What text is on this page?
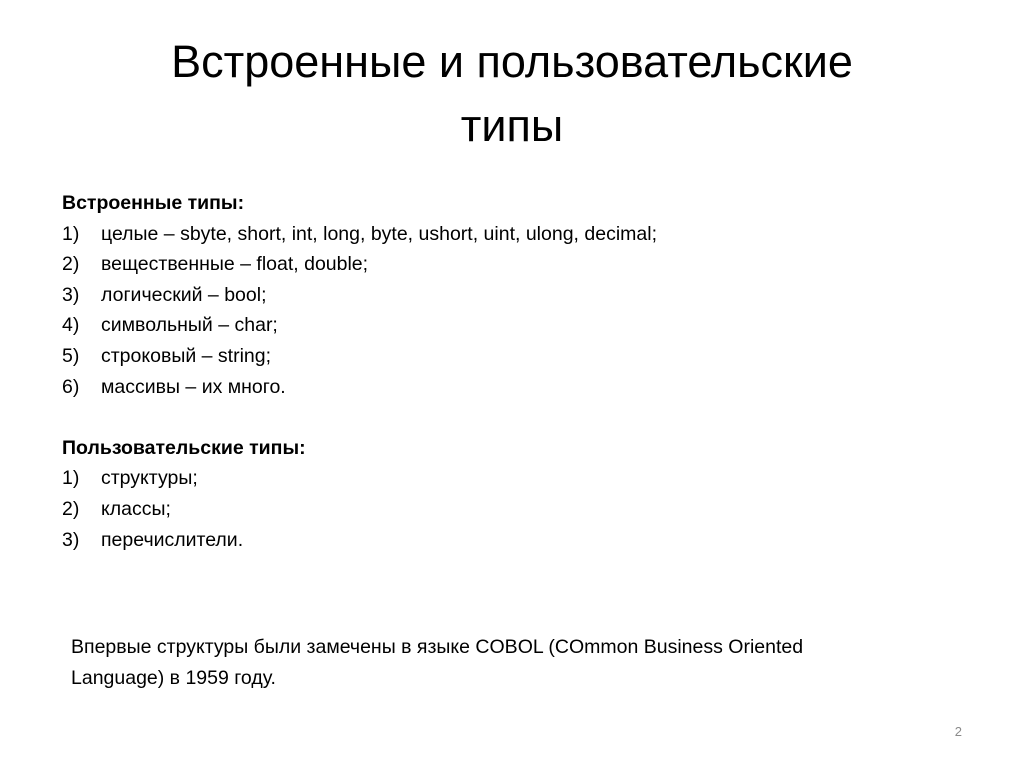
Встроенные и пользовательские
типы

Встроенные типы:

1) целые – sbyte, short, int, long, byte, ushort, uint, ulong, decimal;
2) вещественные – float, double;
3) логический – bool;
4) символьный – char;
5) строковый – string;
6) массивы – их много.

Пользовательские типы:

1) структуры;
2) классы;
3) перечислители.

Впервые структуры были замечены в языке COBOL (COmmon Business Oriented
Language) в 1959 году.

2
